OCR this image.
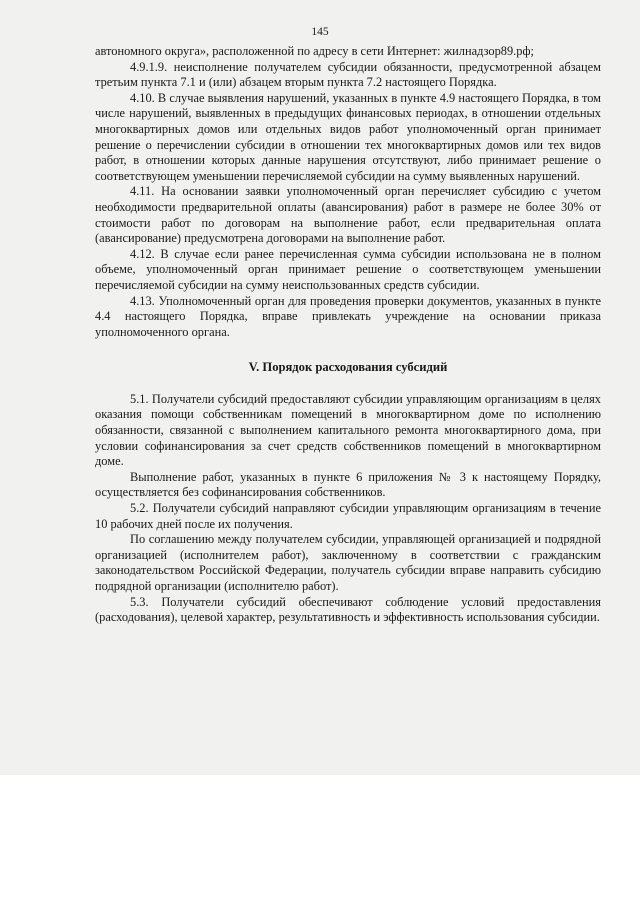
145

автономного округа», расположенной по адресу в сети Интернет: жилнадзор89.рф;

4.9.1.9. неисполнение получателем субсидии обязанности, предусмотренной абзацем третьим пункта 7.1 и (или) абзацем вторым пункта 7.2 настоящего Порядка.

4.10. В случае выявления нарушений, указанных в пункте 4.9 настоящего Порядка, в том числе нарушений, выявленных в предыдущих финансовых периодах, в отношении отдельных многоквартирных домов или отдельных видов работ уполномоченный орган принимает решение о перечислении субсидии в отношении тех многоквартирных домов или тех видов работ, в отношении которых данные нарушения отсутствуют, либо принимает решение о соответствующем уменьшении перечисляемой субсидии на сумму выявленных нарушений.

4.11. На основании заявки уполномоченный орган перечисляет субсидию с учетом необходимости предварительной оплаты (авансирования) работ в размере не более 30% от стоимости работ по договорам на выполнение работ, если предварительная оплата (авансирование) предусмотрена договорами на выполнение работ.

4.12. В случае если ранее перечисленная сумма субсидии использована не в полном объеме, уполномоченный орган принимает решение о соответствующем уменьшении перечисляемой субсидии на сумму неиспользованных средств субсидии.

4.13. Уполномоченный орган для проведения проверки документов, указанных в пункте 4.4 настоящего Порядка, вправе привлекать учреждение на основании приказа уполномоченного органа.

V. Порядок расходования субсидий

5.1. Получатели субсидий предоставляют субсидии управляющим организациям в целях оказания помощи собственникам помещений в многоквартирном доме по исполнению обязанности, связанной с выполнением капитального ремонта многоквартирного дома, при условии софинансирования за счет средств собственников помещений в многоквартирном доме.

Выполнение работ, указанных в пункте 6 приложения № 3 к настоящему Порядку, осуществляется без софинансирования собственников.

5.2. Получатели субсидий направляют субсидии управляющим организациям в течение 10 рабочих дней после их получения.

По соглашению между получателем субсидии, управляющей организацией и подрядной организацией (исполнителем работ), заключенному в соответствии с гражданским законодательством Российской Федерации, получатель субсидии вправе направить субсидию подрядной организации (исполнителю работ).

5.3. Получатели субсидий обеспечивают соблюдение условий предоставления (расходования), целевой характер, результативность и эффективность использования субсидии.
